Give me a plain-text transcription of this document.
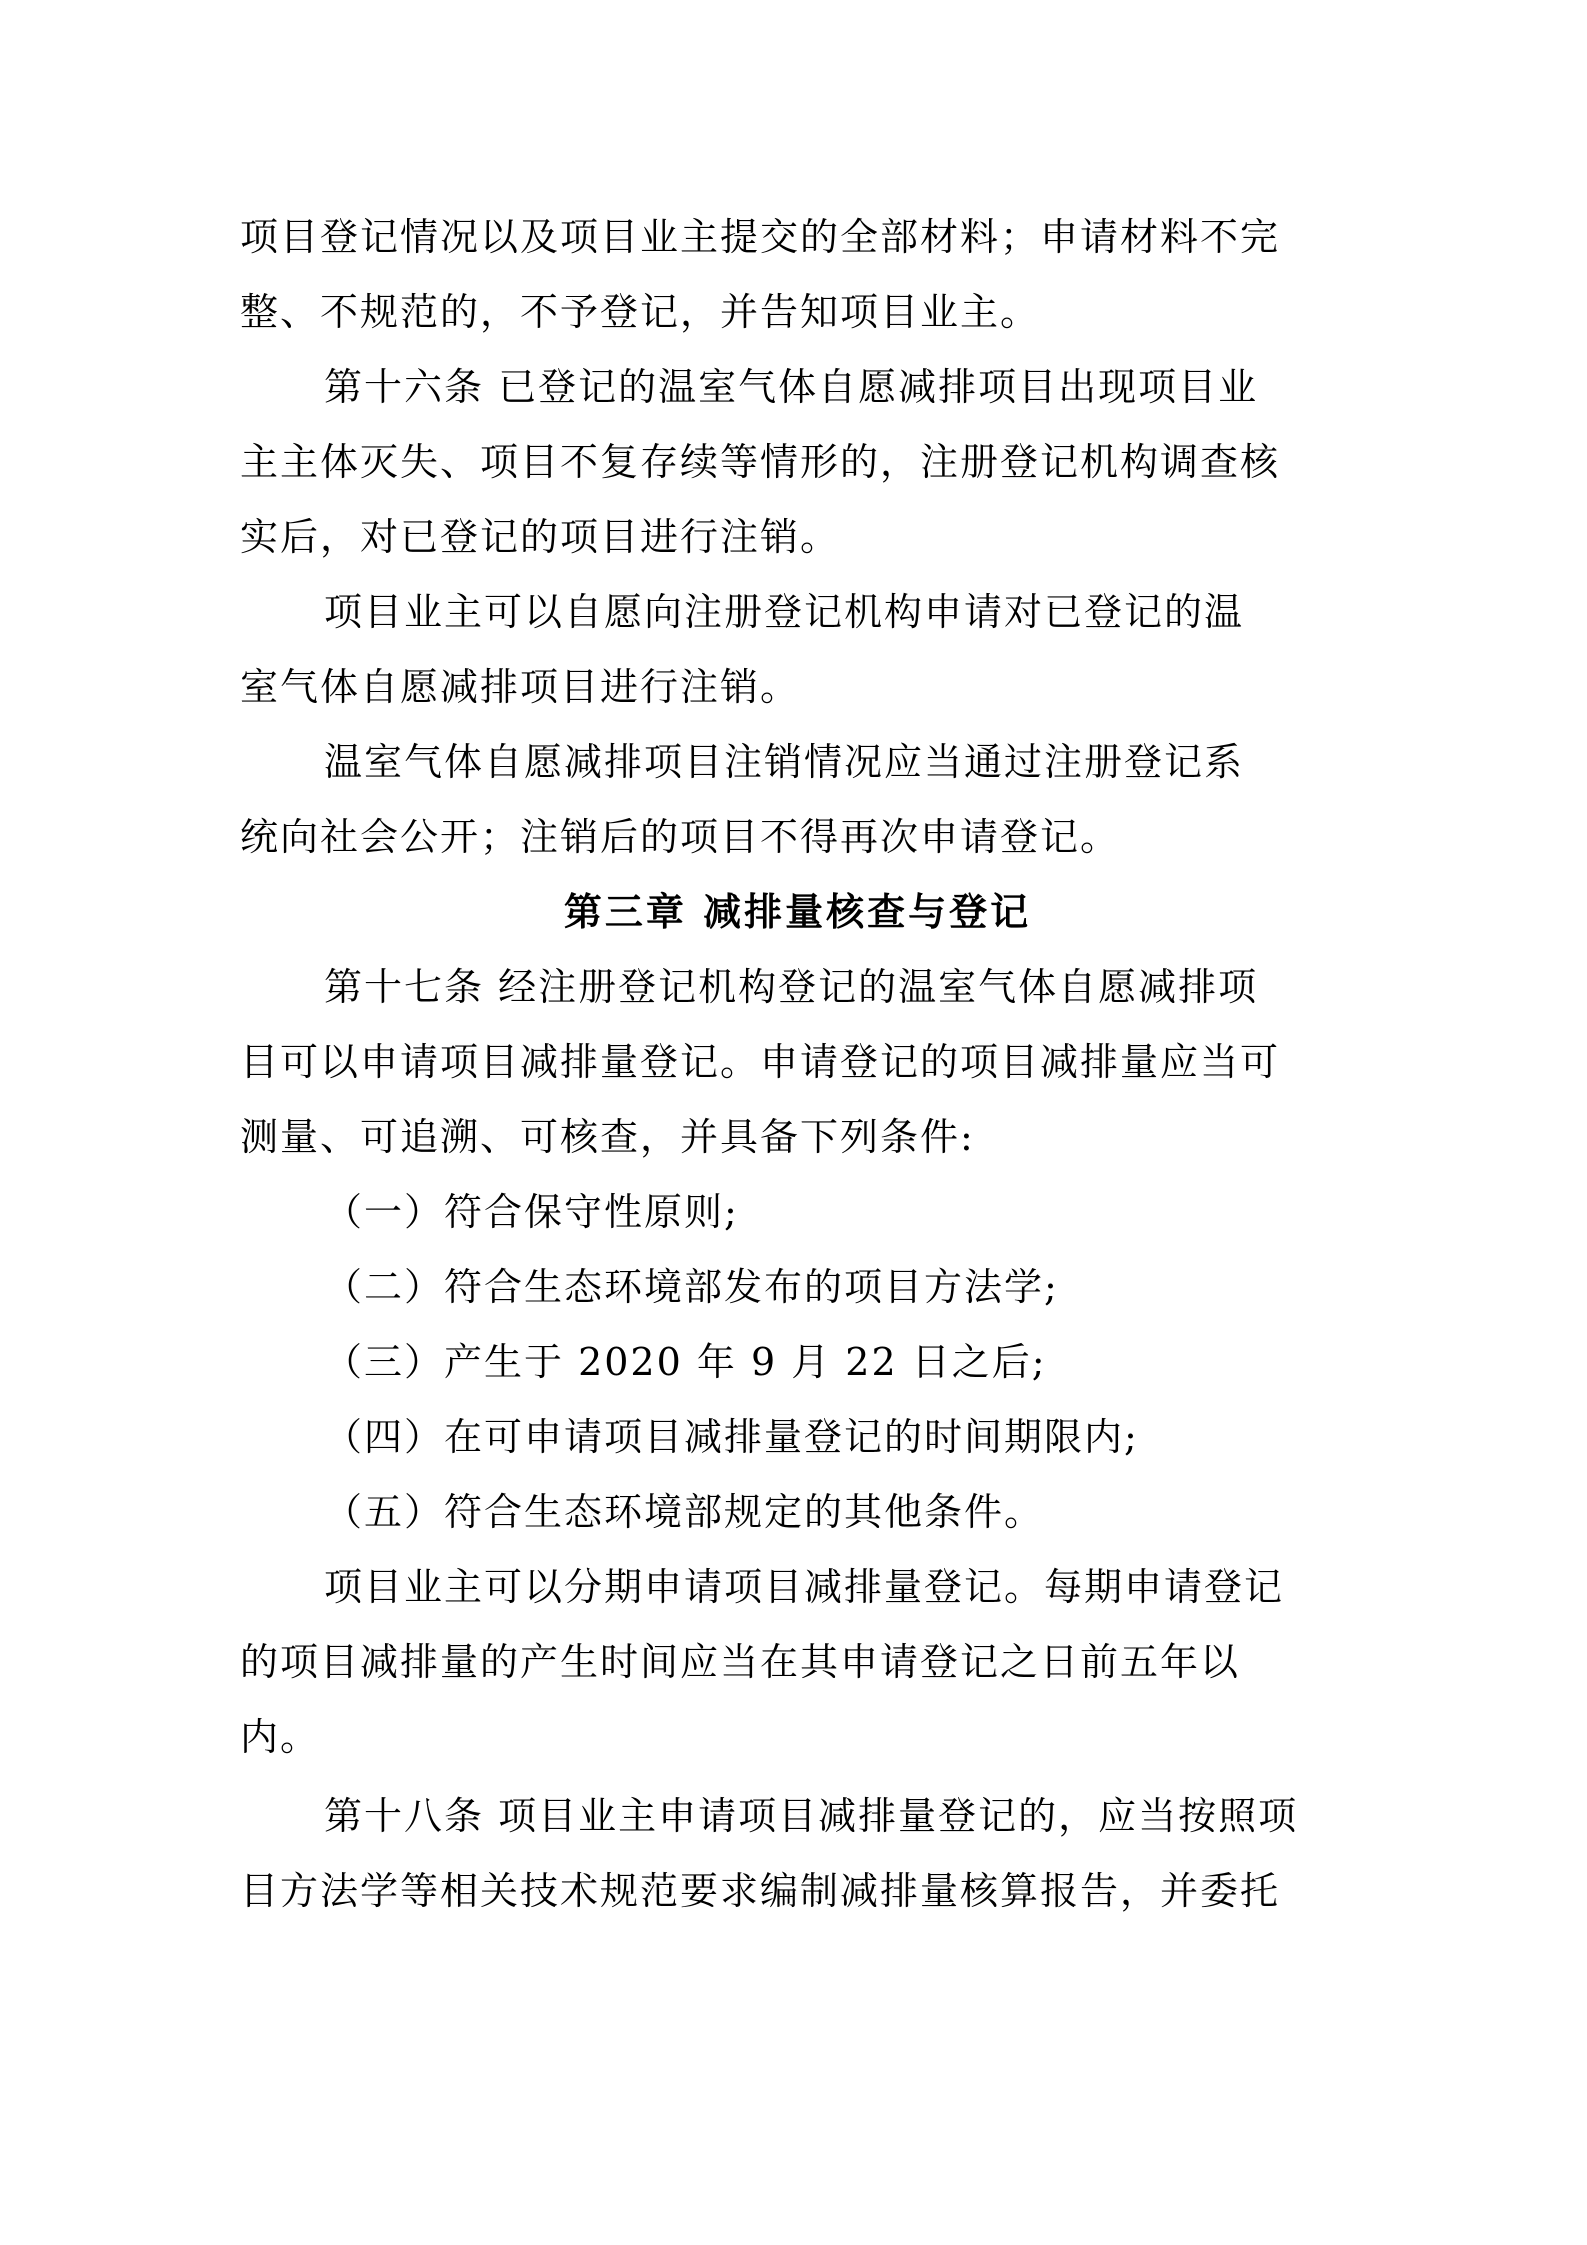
项目登记情况以及项目业主提交的全部材料；申请材料不完
整、不规范的，不予登记，并告知项目业主。
第十六条 已登记的温室气体自愿减排项目出现项目业
主主体灭失、项目不复存续等情形的，注册登记机构调查核
实后，对已登记的项目进行注销。
项目业主可以自愿向注册登记机构申请对已登记的温
室气体自愿减排项目进行注销。
温室气体自愿减排项目注销情况应当通过注册登记系
统向社会公开；注销后的项目不得再次申请登记。
第三章 减排量核查与登记
第十七条 经注册登记机构登记的温室气体自愿减排项
目可以申请项目减排量登记。申请登记的项目减排量应当可
测量、可追溯、可核查，并具备下列条件:
（一）符合保守性原则;
（二）符合生态环境部发布的项目方法学;
（三）产生于 2020 年 9 月 22 日之后;
（四）在可申请项目减排量登记的时间期限内;
（五）符合生态环境部规定的其他条件。
项目业主可以分期申请项目减排量登记。每期申请登记
的项目减排量的产生时间应当在其申请登记之日前五年以
内。
第十八条 项目业主申请项目减排量登记的，应当按照项
目方法学等相关技术规范要求编制减排量核算报告，并委托
